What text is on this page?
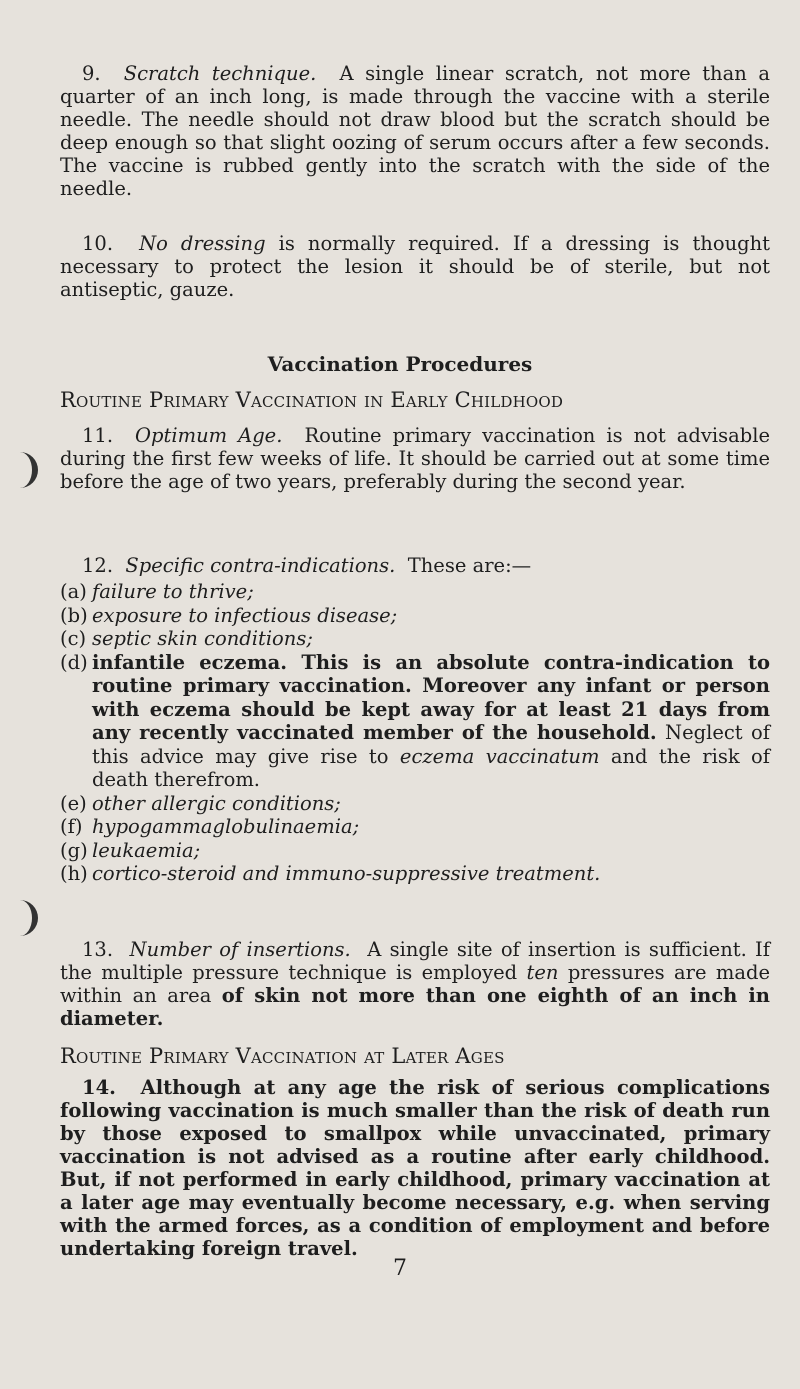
9. Scratch technique. A single linear scratch, not more than a quarter of an inch long, is made through the vaccine with a sterile needle. The needle should not draw blood but the scratch should be deep enough so that slight oozing of serum occurs after a few seconds. The vaccine is rubbed gently into the scratch with the side of the needle.

10. No dressing is normally required. If a dressing is thought necessary to protect the lesion it should be of sterile, but not antiseptic, gauze.

Vaccination Procedures

Routine Primary Vaccination in Early Childhood

11. Optimum Age. Routine primary vaccination is not advisable during the first few weeks of life. It should be carried out at some time before the age of two years, preferably during the second year.

12. Specific contra-indications. These are:—

(a) failure to thrive;
(b) exposure to infectious disease;
(c) septic skin conditions;
(d) infantile eczema. This is an absolute contra-indication to routine primary vaccination. Moreover any infant or person with eczema should be kept away for at least 21 days from any recently vaccinated member of the household. Neglect of this advice may give rise to eczema vaccinatum and the risk of death therefrom.
(e) other allergic conditions;
(f) hypogammaglobulinaemia;
(g) leukaemia;
(h) cortico-steroid and immuno-suppressive treatment.

13. Number of insertions. A single site of insertion is sufficient. If the multiple pressure technique is employed ten pressures are made within an area of skin not more than one eighth of an inch in diameter.

Routine Primary Vaccination at Later Ages

14. Although at any age the risk of serious complications following vaccination is much smaller than the risk of death run by those exposed to smallpox while unvaccinated, primary vaccination is not advised as a routine after early childhood. But, if not performed in early childhood, primary vaccination at a later age may eventually become necessary, e.g. when serving with the armed forces, as a condition of employment and before undertaking foreign travel.

7
